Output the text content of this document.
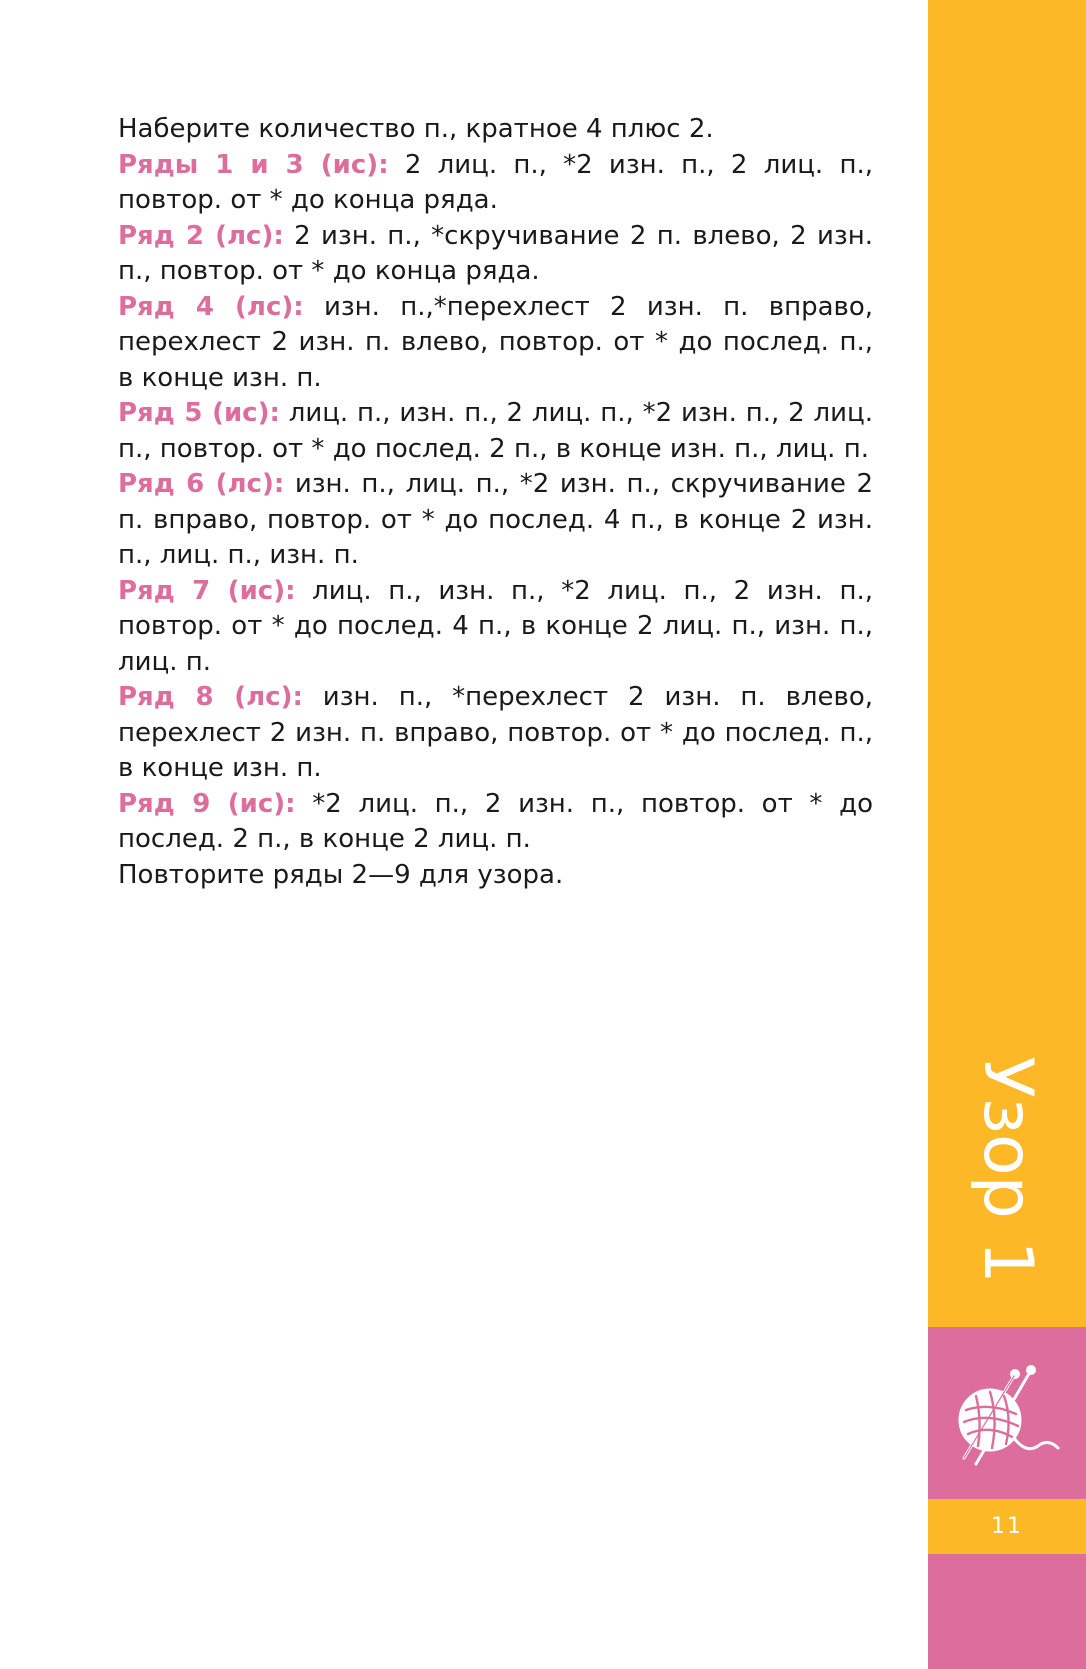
Наберите количество п., кратное 4 плюс 2.

Ряды 1 и 3 (ис): 2 лиц. п., *2 изн. п., 2 лиц. п., повтор. от * до конца ряда.

Ряд 2 (лс): 2 изн. п., *скручивание 2 п. влево, 2 изн. п., повтор. от * до конца ряда.

Ряд 4 (лс): изн. п.,*перехлест 2 изн. п. вправо, перехлест 2 изн. п. влево, повтор. от * до послед. п., в конце изн. п.

Ряд 5 (ис): лиц. п., изн. п., 2 лиц. п., *2 изн. п., 2 лиц. п., повтор. от * до послед. 2 п., в конце изн. п., лиц. п.

Ряд 6 (лс): изн. п., лиц. п., *2 изн. п., скручивание 2 п. вправо, повтор. от * до послед. 4 п., в конце 2 изн. п., лиц. п., изн. п.

Ряд 7 (ис): лиц. п., изн. п., *2 лиц. п., 2 изн. п., повтор. от * до послед. 4 п., в конце 2 лиц. п., изн. п., лиц. п.

Ряд 8 (лс): изн. п., *перехлест 2 изн. п. влево, перехлест 2 изн. п. вправо, повтор. от * до послед. п., в конце изн. п.

Ряд 9 (ис): *2 лиц. п., 2 изн. п., повтор. от * до послед. 2 п., в конце 2 лиц. п.

Повторите ряды 2—9 для узора.

Узор 1
11
